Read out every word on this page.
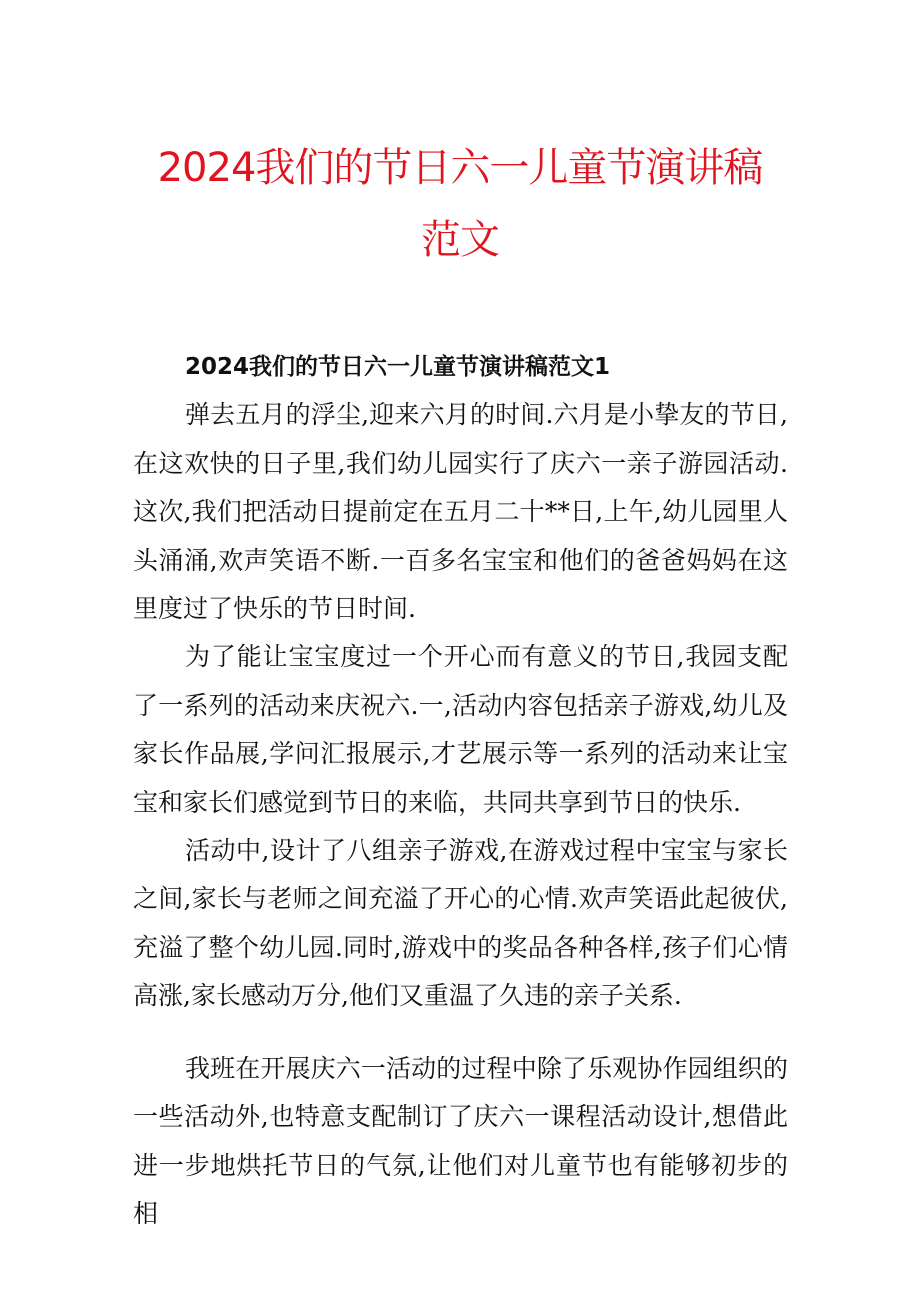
2024我们的节日六一儿童节演讲稿
范文

2024我们的节日六一儿童节演讲稿范文1

弹去五月的浮尘,迎来六月的时间.六月是小挚友的节日,在这欢快的日子里,我们幼儿园实行了庆六一亲子游园活动.这次,我们把活动日提前定在五月二十**日,上午,幼儿园里人头涌涌,欢声笑语不断.一百多名宝宝和他们的爸爸妈妈在这里度过了快乐的节日时间.

为了能让宝宝度过一个开心而有意义的节日,我园支配了一系列的活动来庆祝六.一,活动内容包括亲子游戏,幼儿及家长作品展,学问汇报展示,才艺展示等一系列的活动来让宝宝和家长们感觉到节日的来临，共同共享到节日的快乐.

活动中,设计了八组亲子游戏,在游戏过程中宝宝与家长之间,家长与老师之间充溢了开心的心情.欢声笑语此起彼伏,充溢了整个幼儿园.同时,游戏中的奖品各种各样,孩子们心情高涨,家长感动万分,他们又重温了久违的亲子关系.

我班在开展庆六一活动的过程中除了乐观协作园组织的一些活动外,也特意支配制订了庆六一课程活动设计,想借此进一步地烘托节日的气氛,让他们对儿童节也有能够初步的相
